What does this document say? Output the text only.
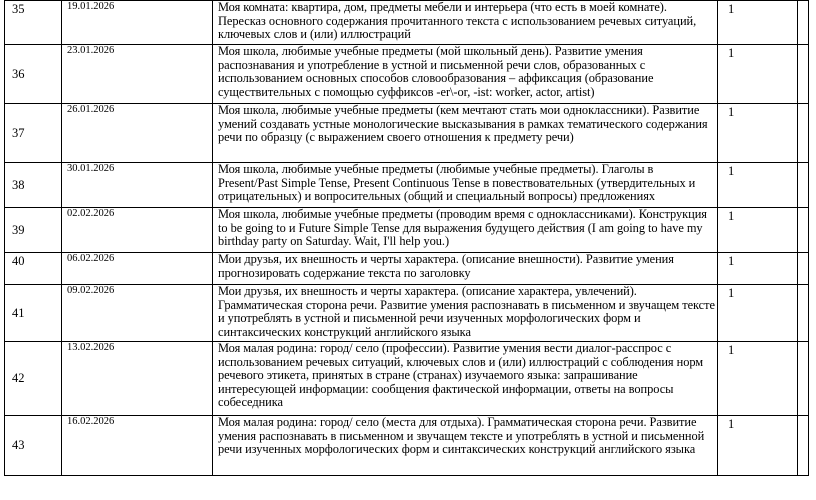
35	19.01.2026	Моя комната: квартира, дом, предметы мебели и интерьера (что есть в моей комнате). Пересказ основного содержания прочитанного текста с использованием речевых ситуаций, ключевых слов и (или) иллюстраций	1	
36	23.01.2026	Моя школа, любимые учебные предметы (мой школьный день). Развитие умения распознавания и употребление в устной и письменной речи слов, образованных с использованием основных способов словообразования – аффиксация (образование существительных с помощью суффиксов -er\-or, -ist: worker, actor, artist)	1	
37	26.01.2026	Моя школа, любимые учебные предметы (кем мечтают стать мои одноклассники). Развитие умений создавать устные монологические высказывания в рамках тематического содержания речи по образцу (с выражением своего отношения к предмету речи)	1	
38	30.01.2026	Моя школа, любимые учебные предметы (любимые учебные предметы). Глаголы в Present/Past Simple Tense, Present Continuous Tense в повествовательных (утвердительных и отрицательных) и вопросительных (общий и специальный вопросы) предложениях	1	
39	02.02.2026	Моя школа, любимые учебные предметы (проводим время с одноклассниками). Конструкция to be going to и Future Simple Tense для выражения будущего действия (I am going to have my birthday party on Saturday. Wait, I'll help you.)	1	
40	06.02.2026	Мои друзья, их внешность и черты характера. (описание внешности). Развитие умения прогнозировать содержание текста по заголовку	1	
41	09.02.2026	Мои друзья, их внешность и черты характера. (описание характера, увлечений). Грамматическая сторона речи. Развитие умения распознавать в письменном и звучащем тексте и употреблять в устной и письменной речи изученных морфологических форм и синтаксических конструкций английского языка	1	
42	13.02.2026	Моя малая родина: город/ село (профессии). Развитие умения вести диалог-расспрос с использованием речевых ситуаций, ключевых слов и (или) иллюстраций с соблюдения норм речевого этикета, принятых в стране (странах) изучаемого языка: запрашивание интересующей информации: сообщения фактической информации, ответы на вопросы собеседника	1	
43	16.02.2026	Моя малая родина: город/ село (места для отдыха). Грамматическая сторона речи. Развитие умения распознавать в письменном и звучащем тексте и употреблять в устной и письменной речи изученных морфологических форм и синтаксических конструкций английского языка	1	
